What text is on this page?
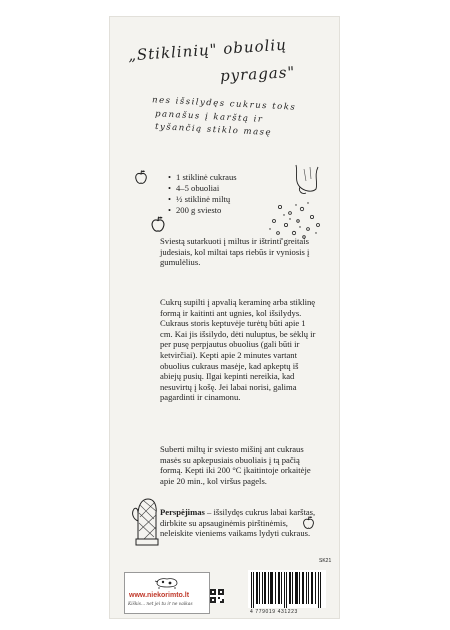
„Stiklinių" obuolių
pyragas"
nes išsilydęs cukrus toks
panašus į karštą ir
tyšančią stiklo masę
• 1 stiklinė cukraus
• 4–5 obuoliai
• ½ stiklinė miltų
• 200 g sviesto

Sviestą sutarkuoti į miltus ir ištrinti greitais judesiais, kol miltai taps riebūs ir vyniosis į gumulėlius.

Cukrų supilti į apvalią keraminę arba stiklinę formą ir kaitinti ant ugnies, kol išsilydys. Cukraus storis keptuvėje turėtų būti apie 1 cm. Kai jis išsilydo, dėti nuluptus, be sėklų ir per pusę perpjautus obuolius (gali būti ir ketvirčiai). Kepti apie 2 minutes vartant obuolius cukraus masėje, kad apkeptų iš abiejų pusių. Ilgai kepinti nereikia, kad nesuvirtų į košę. Jei labai norisi, galima pagardinti ir cinamonu.

Suberti miltų ir sviesto mišinį ant cukraus masės su apkepusiais obuoliais į tą pačią formą. Kepti iki 200 °C įkaitintoje orkaitėje apie 20 min., kol viršus pagels.

Perspėjimas – išsilydęs cukrus labai karštas, dirbkite su apsauginėmis pirštinėmis, neleiskite vieniems vaikams lydyti cukraus.

www.niekorimto.lt
Kiškis... net jei tu ir ne vaikas
4 779019 431223
SK21
